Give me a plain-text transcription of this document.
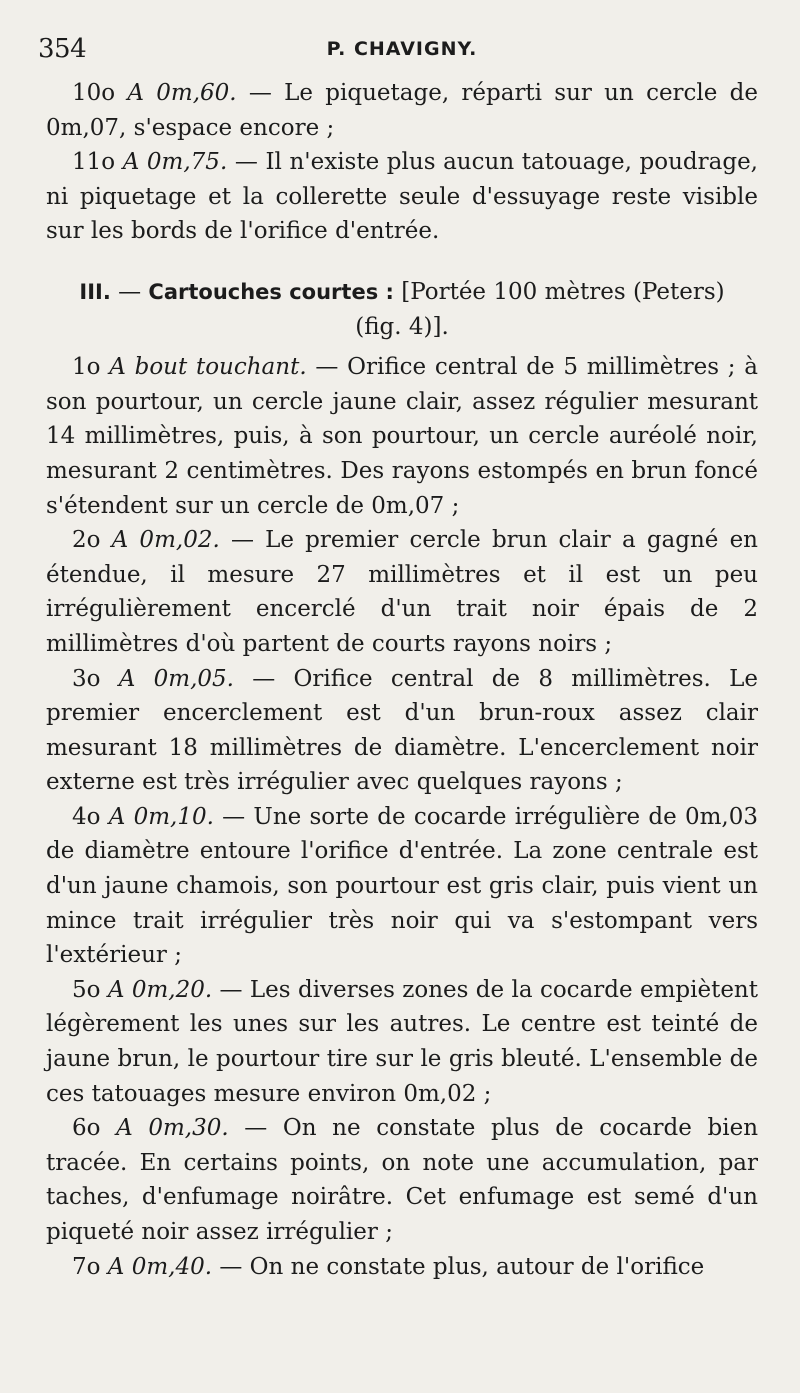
354	P. CHAVIGNY.

10o A 0m,60. — Le piquetage, réparti sur un cercle de 0m,07, s'espace encore ;

11o A 0m,75. — Il n'existe plus aucun tatouage, poudrage, ni piquetage et la collerette seule d'essuyage reste visible sur les bords de l'orifice d'entrée.

III. — Cartouches courtes : [Portée 100 mètres (Peters)
(fig. 4)].

1o A bout touchant. — Orifice central de 5 millimètres ; à son pourtour, un cercle jaune clair, assez régulier mesurant 14 millimètres, puis, à son pourtour, un cercle auréolé noir, mesurant 2 centimètres. Des rayons estompés en brun foncé s'étendent sur un cercle de 0m,07 ;

2o A 0m,02. — Le premier cercle brun clair a gagné en étendue, il mesure 27 millimètres et il est un peu irrégulièrement encerclé d'un trait noir épais de 2 millimètres d'où partent de courts rayons noirs ;

3o A 0m,05. — Orifice central de 8 millimètres. Le premier encerclement est d'un brun-roux assez clair mesurant 18 millimètres de diamètre. L'encerclement noir externe est très irrégulier avec quelques rayons ;

4o A 0m,10. — Une sorte de cocarde irrégulière de 0m,03 de diamètre entoure l'orifice d'entrée. La zone centrale est d'un jaune chamois, son pourtour est gris clair, puis vient un mince trait irrégulier très noir qui va s'estompant vers l'extérieur ;

5o A 0m,20. — Les diverses zones de la cocarde empiètent légèrement les unes sur les autres. Le centre est teinté de jaune brun, le pourtour tire sur le gris bleuté. L'ensemble de ces tatouages mesure environ 0m,02 ;

6o A 0m,30. — On ne constate plus de cocarde bien tracée. En certains points, on note une accumulation, par taches, d'enfumage noirâtre. Cet enfumage est semé d'un piqueté noir assez irrégulier ;

7o A 0m,40. — On ne constate plus, autour de l'orifice
